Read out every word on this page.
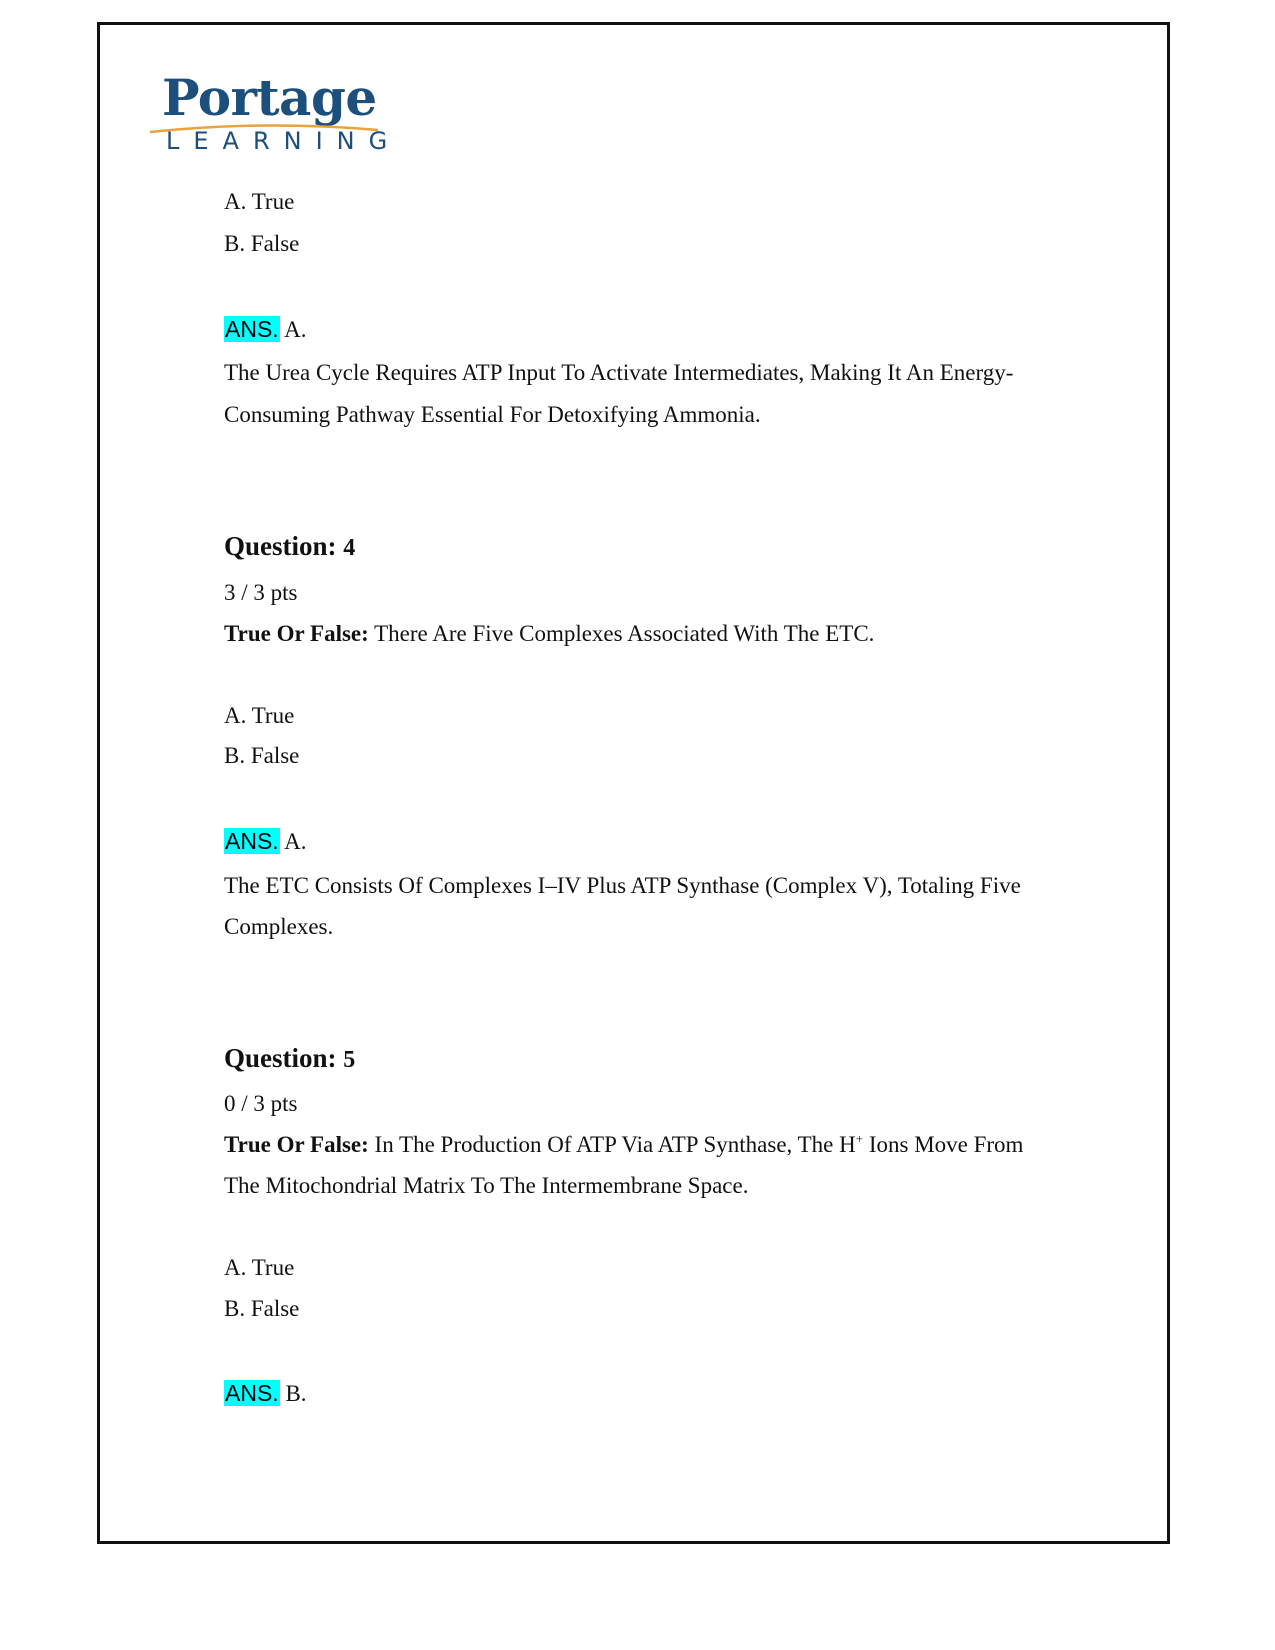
Portage
LEARNING
A. True
B. False
ANS. A.
The Urea Cycle Requires ATP Input To Activate Intermediates, Making It An Energy-
Consuming Pathway Essential For Detoxifying Ammonia.
Question: 4
3 / 3 pts
True Or False: There Are Five Complexes Associated With The ETC.
A. True
B. False
ANS. A.
The ETC Consists Of Complexes I–IV Plus ATP Synthase (Complex V), Totaling Five
Complexes.
Question: 5
0 / 3 pts
True Or False: In The Production Of ATP Via ATP Synthase, The H+ Ions Move From
The Mitochondrial Matrix To The Intermembrane Space.
A. True
B. False
ANS. B.
